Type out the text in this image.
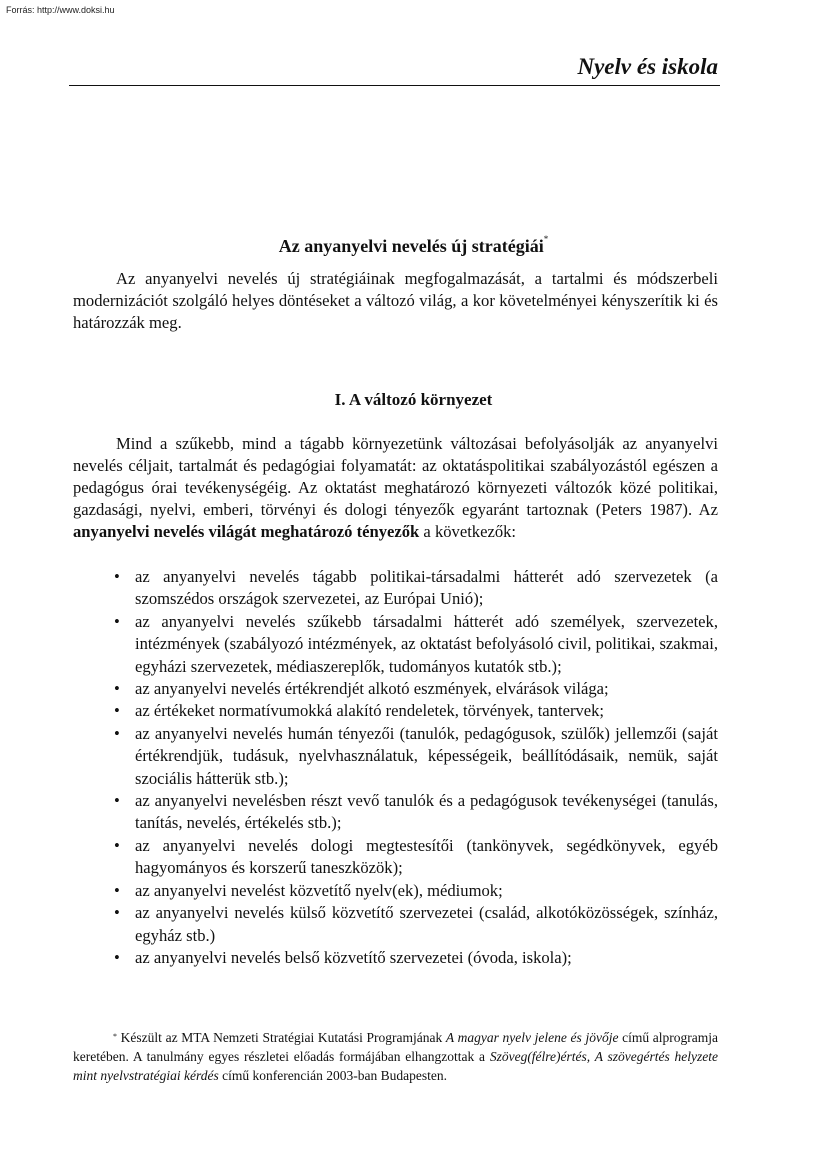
Forrás: http://www.doksi.hu
Nyelv és iskola
Az anyanyelvi nevelés új stratégiái*

Az anyanyelvi nevelés új stratégiáinak megfogalmazását, a tartalmi és módszerbeli modernizációt szolgáló helyes döntéseket a változó világ, a kor követelményei kényszerítik ki és határozzák meg.

I. A változó környezet

Mind a szűkebb, mind a tágabb környezetünk változásai befolyásolják az anyanyelvi nevelés céljait, tartalmát és pedagógiai folyamatát: az oktatáspolitikai szabályozástól egészen a pedagógus órai tevékenységéig. Az oktatást meghatározó környezeti változók közé politikai, gazdasági, nyelvi, emberi, törvényi és dologi tényezők egyaránt tartoznak (Peters 1987). Az anyanyelvi nevelés világát meghatározó tényezők a következők:

• az anyanyelvi nevelés tágabb politikai-társadalmi hátterét adó szervezetek (a szomszédos országok szervezetei, az Európai Unió);
• az anyanyelvi nevelés szűkebb társadalmi hátterét adó személyek, szervezetek, intézmények (szabályozó intézmények, az oktatást befolyásoló civil, politikai, szakmai, egyházi szervezetek, médiaszereplők, tudományos kutatók stb.);
• az anyanyelvi nevelés értékrendjét alkotó eszmények, elvárások világa;
• az értékeket normatívumokká alakító rendeletek, törvények, tantervek;
• az anyanyelvi nevelés humán tényezői (tanulók, pedagógusok, szülők) jellemzői (saját értékrendjük, tudásuk, nyelvhasználatuk, képességeik, beállítódásaik, nemük, saját szociális hátterük stb.);
• az anyanyelvi nevelésben részt vevő tanulók és a pedagógusok tevékenységei (tanulás, tanítás, nevelés, értékelés stb.);
• az anyanyelvi nevelés dologi megtestesítői (tankönyvek, segédkönyvek, egyéb hagyományos és korszerű taneszközök);
• az anyanyelvi nevelést közvetítő nyelv(ek), médiumok;
• az anyanyelvi nevelés külső közvetítő szervezetei (család, alkotóközösségek, színház, egyház stb.)
• az anyanyelvi nevelés belső közvetítő szervezetei (óvoda, iskola);

* Készült az MTA Nemzeti Stratégiai Kutatási Programjának A magyar nyelv jelene és jövője című alprogramja keretében. A tanulmány egyes részletei előadás formájában elhangzottak a Szöveg(félre)értés, A szövegértés helyzete mint nyelvstratégiai kérdés című konferencián 2003-ban Budapesten.
